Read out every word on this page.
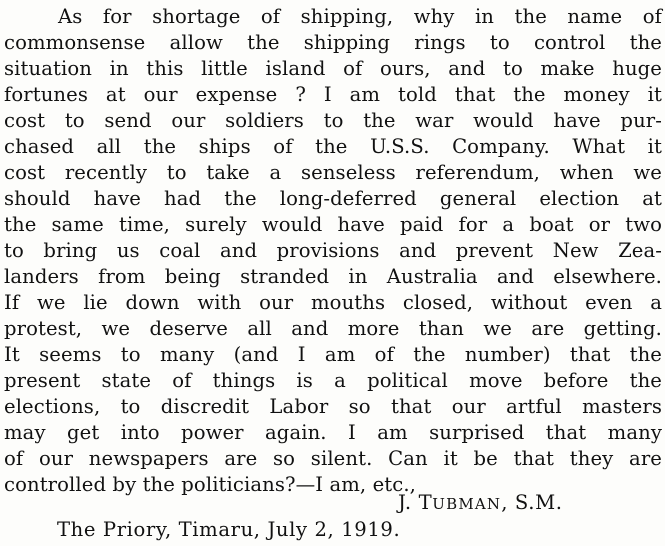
As for shortage of shipping, why in the name of
commonsense allow the shipping rings to control the
situation in this little island of ours, and to make huge
fortunes at our expense ? I am told that the money it
cost to send our soldiers to the war would have pur-
chased all the ships of the U.S.S. Company. What it
cost recently to take a senseless referendum, when we
should have had the long-deferred general election at
the same time, surely would have paid for a boat or two
to bring us coal and provisions and prevent New Zea-
landers from being stranded in Australia and elsewhere.
If we lie down with our mouths closed, without even a
protest, we deserve all and more than we are getting.
It seems to many (and I am of the number) that the
present state of things is a political move before the
elections, to discredit Labor so that our artful masters
may get into power again. I am surprised that many
of our newspapers are so silent. Can it be that they are
controlled by the politicians?—I am, etc.,
J. TUBMAN, S.M.
The Priory, Timaru, July 2, 1919.
